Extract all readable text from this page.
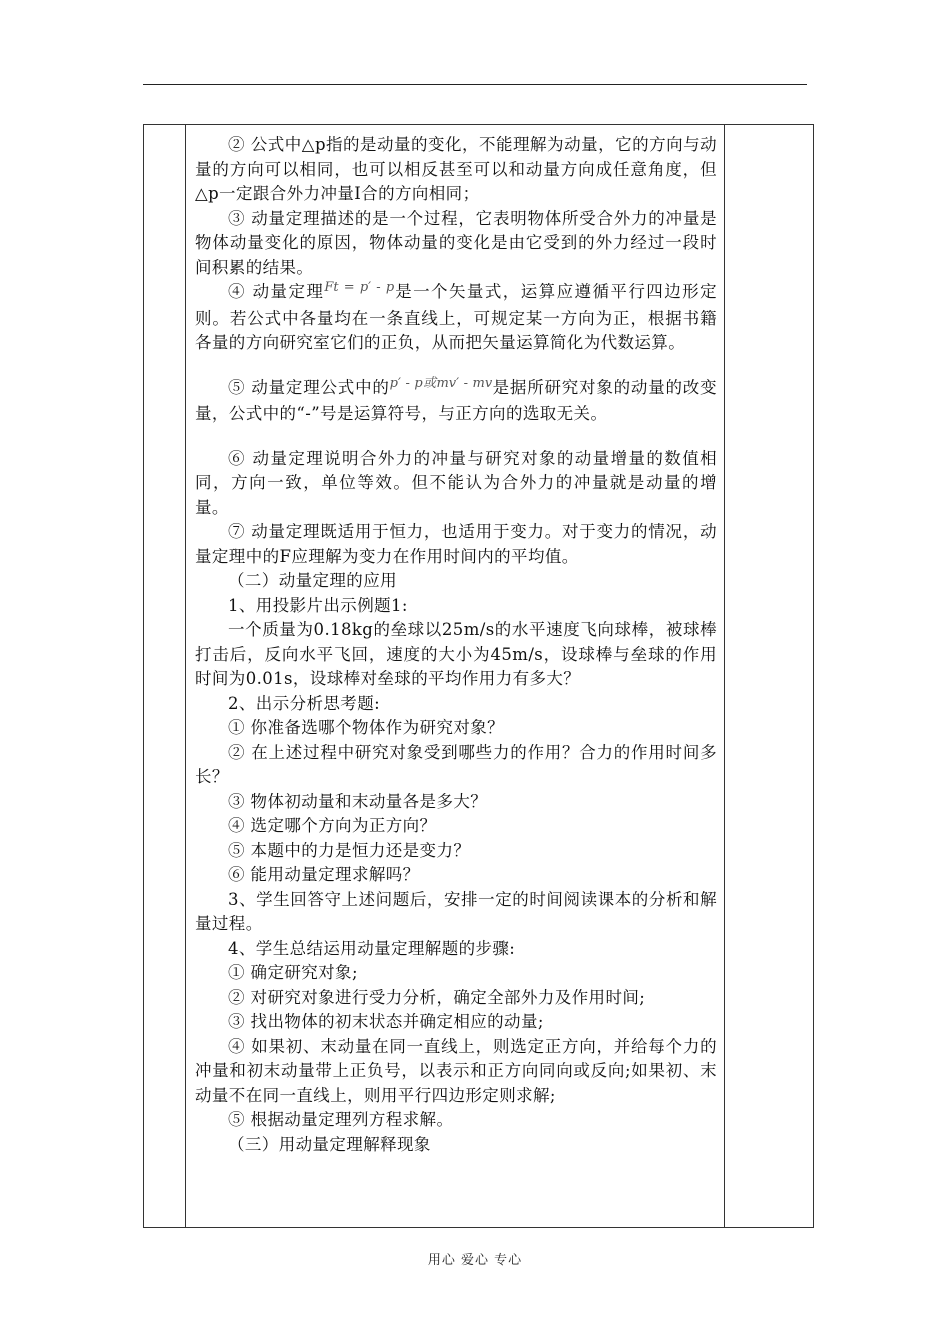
② 公式中△p指的是动量的变化，不能理解为动量，它的方向与动量的方向可以相同，也可以相反甚至可以和动量方向成任意角度，但△p一定跟合外力冲量I合的方向相同；

③ 动量定理描述的是一个过程，它表明物体所受合外力的冲量是物体动量变化的原因，物体动量的变化是由它受到的外力经过一段时间积累的结果。

④ 动量定理$^{Ft = p' - p}$是一个矢量式，运算应遵循平行四边形定则。若公式中各量均在一条直线上，可规定某一方向为正，根据书籍各量的方向研究室它们的正负，从而把矢量运算简化为代数运算。

⑤ 动量定理公式中的$^{p' - p或mv' - mv}$是据所研究对象的动量的改变量，公式中的“-”号是运算符号，与正方向的选取无关。

⑥ 动量定理说明合外力的冲量与研究对象的动量增量的数值相同，方向一致，单位等效。但不能认为合外力的冲量就是动量的增量。

⑦ 动量定理既适用于恒力，也适用于变力。对于变力的情况，动量定理中的F应理解为变力在作用时间内的平均值。

（二）动量定理的应用

1、用投影片出示例题1:

一个质量为0.18kg的垒球以25m/s的水平速度飞向球棒，被球棒打击后，反向水平飞回，速度的大小为45m/s，设球棒与垒球的作用时间为0.01s，设球棒对垒球的平均作用力有多大？

2、出示分析思考题:

① 你准备选哪个物体作为研究对象？

② 在上述过程中研究对象受到哪些力的作用？合力的作用时间多长？

③ 物体初动量和末动量各是多大？

④ 选定哪个方向为正方向？

⑤ 本题中的力是恒力还是变力？

⑥ 能用动量定理求解吗？

3、学生回答守上述问题后，安排一定的时间阅读课本的分析和解量过程。

4、学生总结运用动量定理解题的步骤:

① 确定研究对象;

② 对研究对象进行受力分析，确定全部外力及作用时间;

③ 找出物体的初末状态并确定相应的动量;

④ 如果初、末动量在同一直线上，则选定正方向，并给每个力的冲量和初末动量带上正负号，以表示和正方向同向或反向;如果初、末动量不在同一直线上，则用平行四边形定则求解;

⑤ 根据动量定理列方程求解。

（三）用动量定理解释现象

用心 爱心 专心
